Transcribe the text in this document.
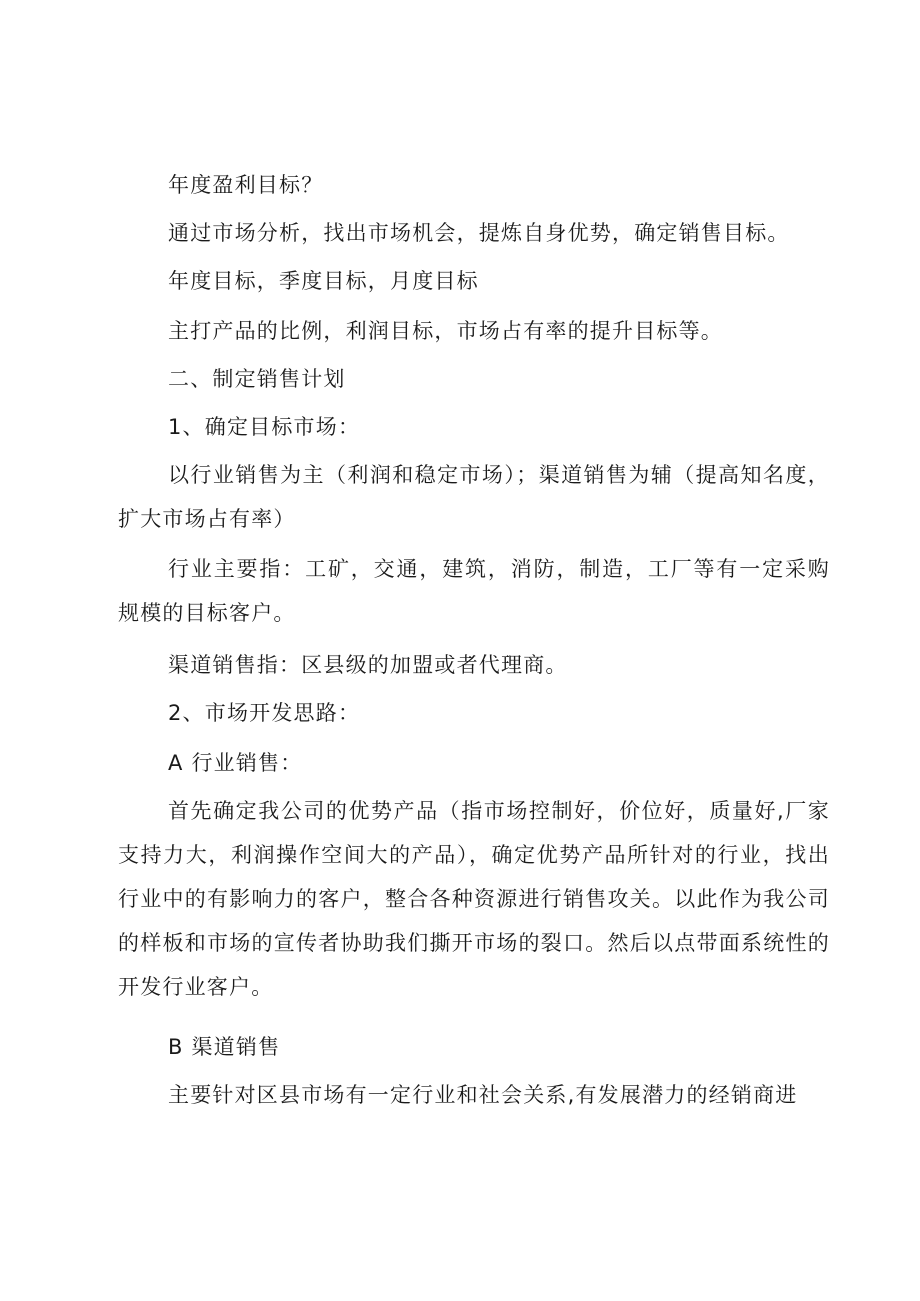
年度盈利目标？

通过市场分析，找出市场机会，提炼自身优势，确定销售目标。

年度目标，季度目标，月度目标

主打产品的比例，利润目标，市场占有率的提升目标等。

二、制定销售计划

1、确定目标市场：

以行业销售为主（利润和稳定市场）；渠道销售为辅（提高知名度，扩大市场占有率）

行业主要指：工矿，交通，建筑，消防，制造，工厂等有一定采购规模的目标客户。

渠道销售指：区县级的加盟或者代理商。

2、市场开发思路：

A 行业销售：

首先确定我公司的优势产品（指市场控制好，价位好，质量好,厂家支持力大，利润操作空间大的产品），确定优势产品所针对的行业，找出行业中的有影响力的客户，整合各种资源进行销售攻关。以此作为我公司的样板和市场的宣传者协助我们撕开市场的裂口。然后以点带面系统性的开发行业客户。

B 渠道销售

主要针对区县市场有一定行业和社会关系,有发展潜力的经销商进
